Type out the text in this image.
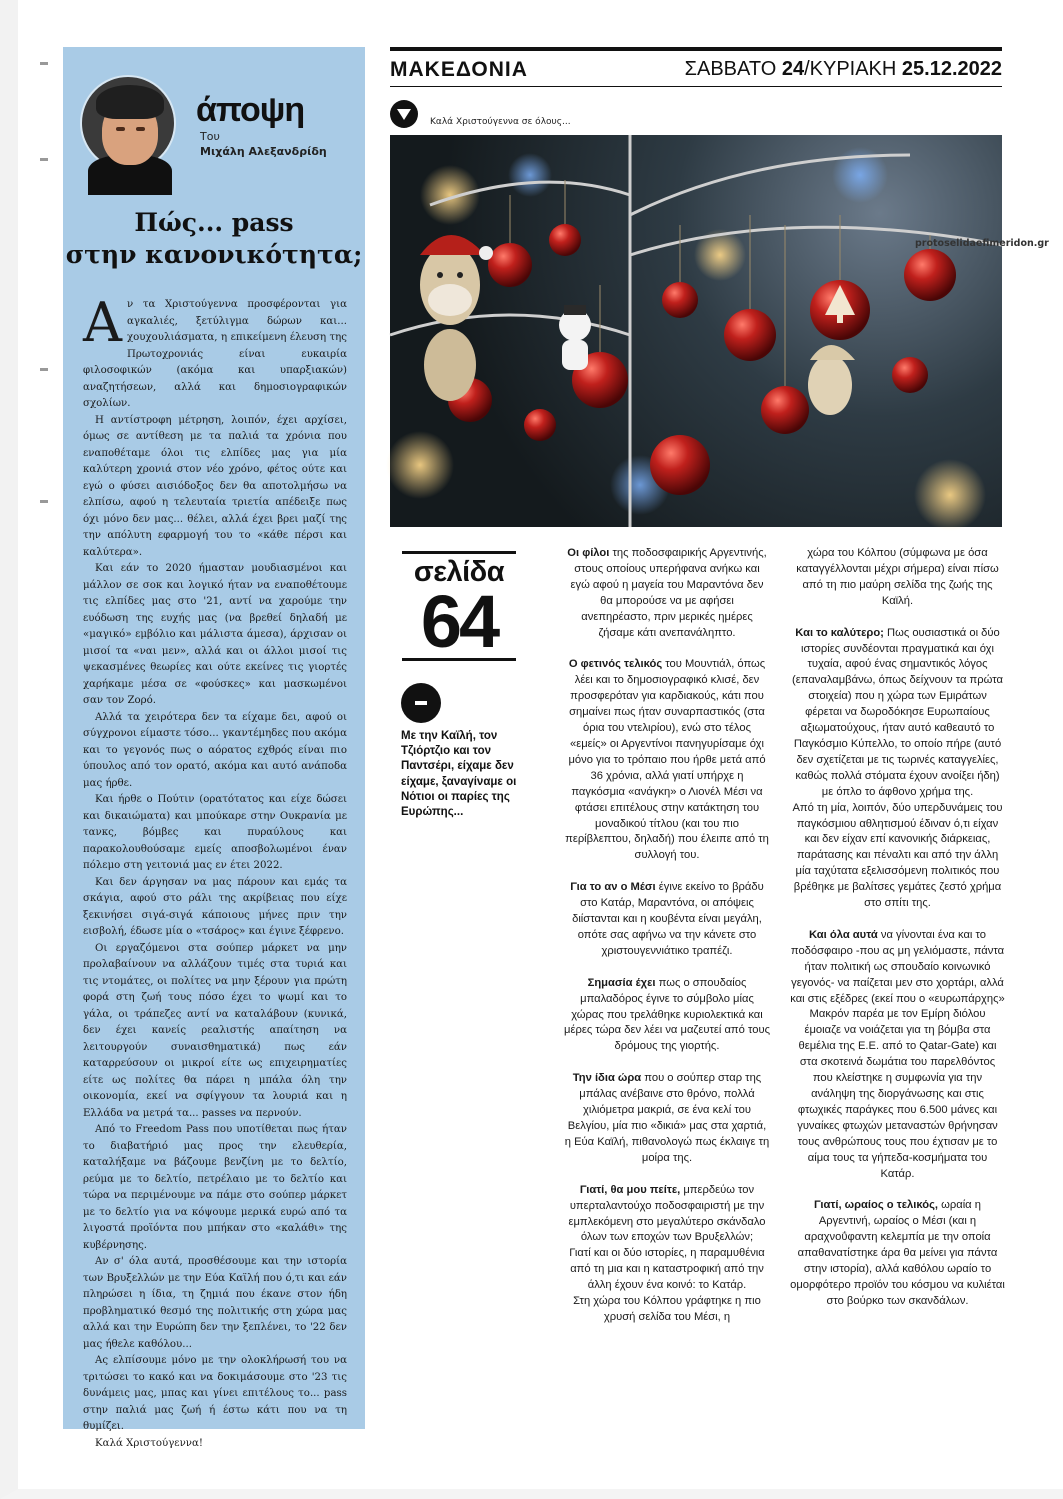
άποψη
Του
Μιχάλη Αλεξανδρίδη
Πώς... pass
στην κανονικότητα;

Αν τα Χριστούγεννα προσφέρονται για αγκαλιές, ξετύλιγμα δώρων και... χουχουλιάσματα, η επικείμενη έλευση της Πρωτοχρονιάς είναι ευκαιρία φιλοσοφικών (ακόμα και υπαρξιακών) αναζητήσεων, αλλά και δημοσιογραφικών σχολίων.

Η αντίστροφη μέτρηση, λοιπόν, έχει αρχίσει, όμως σε αντίθεση με τα παλιά τα χρόνια που εναποθέταμε όλοι τις ελπίδες μας για μία καλύτερη χρονιά στον νέο χρόνο, φέτος ούτε και εγώ ο φύσει αισιόδοξος δεν θα αποτολμήσω να ελπίσω, αφού η τελευταία τριετία απέδειξε πως όχι μόνο δεν μας... θέλει, αλλά έχει βρει μαζί της την απόλυτη εφαρμογή του το «κάθε πέρσι και καλύτερα».

Και εάν το 2020 ήμασταν μουδιασμένοι και μάλλον σε σοκ και λογικό ήταν να εναποθέτουμε τις ελπίδες μας στο '21, αντί να χαρούμε την ευόδωση της ευχής μας (να βρεθεί δηλαδή με «μαγικό» εμβόλιο και μάλιστα άμεσα), άρχισαν οι μισοί τα «ναι μεν», αλλά και οι άλλοι μισοί τις ψεκασμένες θεωρίες και ούτε εκείνες τις γιορτές χαρήκαμε μέσα σε «φούσκες» και μασκωμένοι σαν τον Ζορό.

Αλλά τα χειρότερα δεν τα είχαμε δει, αφού οι σύγχρονοι είμαστε τόσο... γκαντέμηδες που ακόμα και το γεγονός πως ο αόρατος εχθρός είναι πιο ύπουλος από τον ορατό, ακόμα και αυτό ανάποδα μας ήρθε.

Και ήρθε ο Πούτιν (ορατότατος και είχε δώσει και δικαιώματα) και μπούκαρε στην Ουκρανία με τανκς, βόμβες και πυραύλους και παρακολουθούσαμε εμείς αποσβολωμένοι έναν πόλεμο στη γειτονιά μας εν έτει 2022.

Και δεν άργησαν να μας πάρουν και εμάς τα σκάγια, αφού στο ράλι της ακρίβειας που είχε ξεκινήσει σιγά-σιγά κάποιους μήνες πριν την εισβολή, έδωσε μία ο «τσάρος» και έγινε ξέφρενο.

Οι εργαζόμενοι στα σούπερ μάρκετ να μην προλαβαίνουν να αλλάζουν τιμές στα τυριά και τις ντομάτες, οι πολίτες να μην ξέρουν για πρώτη φορά στη ζωή τους πόσο έχει το ψωμί και το γάλα, οι τράπεζες αντί να καταλάβουν (κυνικά, δεν έχει κανείς ρεαλιστής απαίτηση να λειτουργούν συναισθηματικά) πως εάν καταρρεύσουν οι μικροί είτε ως επιχειρηματίες είτε ως πολίτες θα πάρει η μπάλα όλη την οικονομία, εκεί να σφίγγουν τα λουριά και η Ελλάδα να μετρά τα... passes να περνούν.

Από το Freedom Pass που υποτίθεται πως ήταν το διαβατήριό μας προς την ελευθερία, καταλήξαμε να βάζουμε βενζίνη με το δελτίο, ρεύμα με το δελτίο, πετρέλαιο με το δελτίο και τώρα να περιμένουμε να πάμε στο σούπερ μάρκετ με το δελτίο για να κόψουμε μερικά ευρώ από τα λιγοστά προϊόντα που μπήκαν στο «καλάθι» της κυβέρνησης.

Αν σ' όλα αυτά, προσθέσουμε και την ιστορία των Βρυξελλών με την Εύα Καϊλή που ό,τι και εάν πληρώσει η ίδια, τη ζημιά που έκανε στον ήδη προβληματικό θεσμό της πολιτικής στη χώρα μας αλλά και την Ευρώπη δεν την ξεπλένει, το '22 δεν μας ήθελε καθόλου...

Ας ελπίσουμε μόνο με την ολοκλήρωσή του να τριτώσει το κακό και να δοκιμάσουμε στο '23 τις δυνάμεις μας, μπας και γίνει επιτέλους το... pass στην παλιά μας ζωή ή έστω κάτι που να τη θυμίζει.

Καλά Χριστούγεννα!

ΜΑΚΕΔΟΝΙΑ	ΣΑΒΒΑΤΟ 24/ΚΥΡΙΑΚΗ 25.12.2022
Καλά Χριστούγεννα σε όλους...
protoselidaefimeridon.gr
σελίδα
64
Με την Καϊλή, τον Τζιόρτζιο και τον Παντσέρι, είχαμε δεν είχαμε, ξαναγίναμε οι Νότιοι οι παρίες της Ευρώπης...

Οι φίλοι της ποδοσφαιρικής Αργεντινής, στους οποίους υπερήφανα ανήκω και εγώ αφού η μαγεία του Μαραντόνα δεν θα μπορούσε να με αφήσει ανεπηρέαστο, πριν μερικές ημέρες ζήσαμε κάτι ανεπανάληπτο.

Ο φετινός τελικός του Μουντιάλ, όπως λέει και το δημοσιογραφικό κλισέ, δεν προσφερόταν για καρδιακούς, κάτι που σημαίνει πως ήταν συναρπαστικός (στα όρια του ντελιρίου), ενώ στο τέλος «εμείς» οι Αργεντίνοι πανηγυρίσαμε όχι μόνο για το τρόπαιο που ήρθε μετά από 36 χρόνια, αλλά γιατί υπήρχε η παγκόσμια «ανάγκη» ο Λιονέλ Μέσι να φτάσει επιτέλους στην κατάκτηση του μοναδικού τίτλου (και του πιο περίβλεπτου, δηλαδή) που έλειπε από τη συλλογή του.

Για το αν ο Μέσι έγινε εκείνο το βράδυ στο Κατάρ, Μαραντόνα, οι απόψεις διίστανται και η κουβέντα είναι μεγάλη, οπότε σας αφήνω να την κάνετε στο χριστουγεννιάτικο τραπέζι.

Σημασία έχει πως ο σπουδαίος μπαλαδόρος έγινε το σύμβολο μίας χώρας που τρελάθηκε κυριολεκτικά και μέρες τώρα δεν λέει να μαζευτεί από τους δρόμους της γιορτής.

Την ίδια ώρα που ο σούπερ σταρ της μπάλας ανέβαινε στο θρόνο, πολλά χιλιόμετρα μακριά, σε ένα κελί του Βελγίου, μία πιο «δικιά» μας στα χαρτιά, η Εύα Καϊλή, πιθανολογώ πως έκλαιγε τη μοίρα της.

Γιατί, θα μου πείτε, μπερδεύω τον υπερταλαντούχο ποδοσφαιριστή με την εμπλεκόμενη στο μεγαλύτερο σκάνδαλο όλων των εποχών των Βρυξελλών;

Γιατί και οι δύο ιστορίες, η παραμυθένια από τη μια και η καταστροφική από την άλλη έχουν ένα κοινό: το Κατάρ.

Στη χώρα του Κόλπου γράφτηκε η πιο χρυσή σελίδα του Μέσι, η

χώρα του Κόλπου (σύμφωνα με όσα καταγγέλλονται μέχρι σήμερα) είναι πίσω από τη πιο μαύρη σελίδα της ζωής της Καϊλή.

Και το καλύτερο; Πως ουσιαστικά οι δύο ιστορίες συνδέονται πραγματικά και όχι τυχαία, αφού ένας σημαντικός λόγος (επαναλαμβάνω, όπως δείχνουν τα πρώτα στοιχεία) που η χώρα των Εμιράτων φέρεται να δωροδόκησε Ευρωπαίους αξιωματούχους, ήταν αυτό καθεαυτό το Παγκόσμιο Κύπελλο, το οποίο πήρε (αυτό δεν σχετίζεται με τις τωρινές καταγγελίες, καθώς πολλά στόματα έχουν ανοίξει ήδη) με όπλο το άφθονο χρήμα της.

Από τη μία, λοιπόν, δύο υπερδυνάμεις του παγκόσμιου αθλητισμού έδιναν ό,τι είχαν και δεν είχαν επί κανονικής διάρκειας, παράτασης και πέναλτι και από την άλλη μία ταχύτατα εξελισσόμενη πολιτικός που βρέθηκε με βαλίτσες γεμάτες ζεστό χρήμα στο σπίτι της.

Και όλα αυτά να γίνονται ένα και το ποδόσφαιρο -που ας μη γελιόμαστε, πάντα ήταν πολιτική ως σπουδαίο κοινωνικό γεγονός- να παίζεται μεν στο χορτάρι, αλλά και στις εξέδρες (εκεί που ο «ευρωπάρχης» Μακρόν παρέα με τον Εμίρη διόλου έμοιαζε να νοιάζεται για τη βόμβα στα θεμέλια της Ε.Ε. από το Qatar-Gate) και στα σκοτεινά δωμάτια του παρελθόντος που κλείστηκε η συμφωνία για την ανάληψη της διοργάνωσης και στις φτωχικές παράγκες που 6.500 μάνες και γυναίκες φτωχών μεταναστών θρήνησαν τους ανθρώπους τους που έχτισαν με το αίμα τους τα γήπεδα-κοσμήματα του Κατάρ.

Γιατί, ωραίος ο τελικός, ωραία η Αργεντινή, ωραίος ο Μέσι (και η αραχνοΰφαντη κελεμπία με την οποία απαθανατίστηκε άρα θα μείνει για πάντα στην ιστορία), αλλά καθόλου ωραίο το ομορφότερο προϊόν του κόσμου να κυλιέται στο βούρκο των σκανδάλων.
